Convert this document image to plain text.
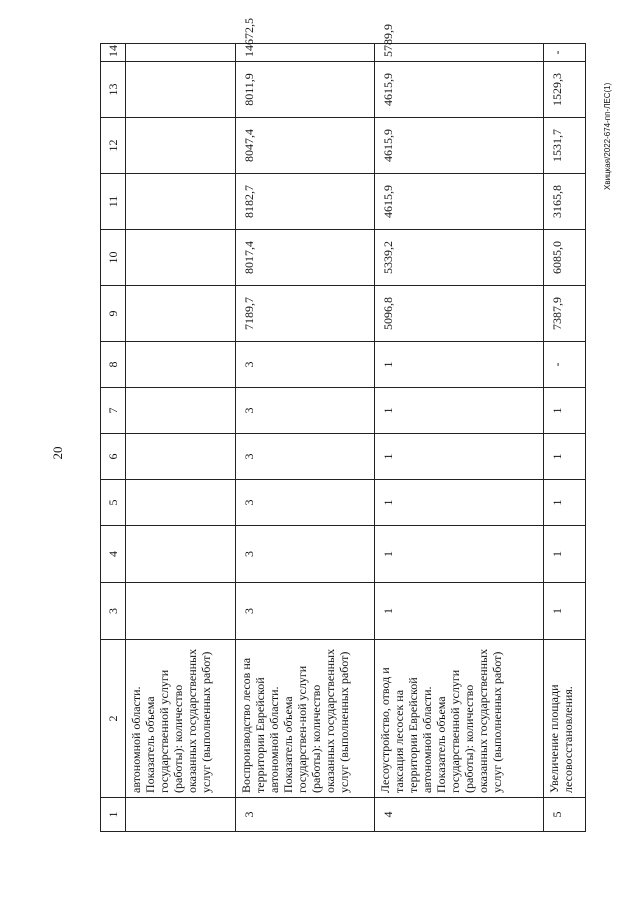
20
Хвицкая/2022-674-пп-ЛЕС(1)
1	2	3	4	5	6	7	8	9	10	11	12	13	14
	автономной области. Показатель объема государственной услуги (работы): количество оказанных государственных услуг (выполненных работ)												
3	Воспроизводство лесов на территории Еврейской автономной области. Показатель объема государствен-ной услуги (работы): количество оказанных государственных услуг (выполненных работ)	3	3	3	3	3	3	7189,7	8017,4	8182,7	8047,4	8011,9	14672,5
4	Лесоустройство, отвод и таксация лесосек на территории Еврейской автономной области. Показатель объема государственной услуги (работы): количество оказанных государственных услуг (выполненных работ)	1	1	1	1	1	1	5096,8	5339,2	4615,9	4615,9	4615,9	5789,9
5	Увеличение площади лесовосстановления.	1	1	1	1	1	-	7387,9	6085,0	3165,8	1531,7	1529,3	-
